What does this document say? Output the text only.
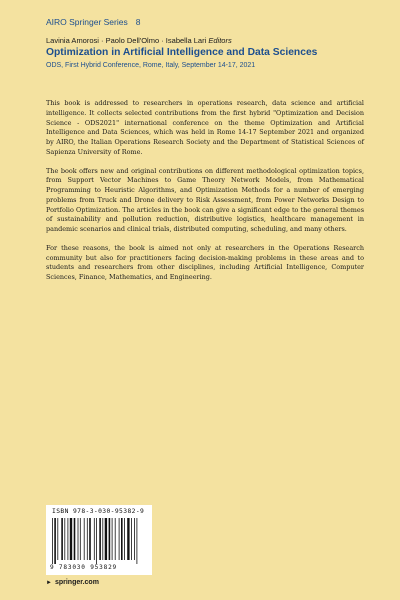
AIRO Springer Series 8
Lavinia Amorosi · Paolo Dell'Olmo · Isabella Lari Editors
Optimization in Artificial Intelligence and Data Sciences
ODS, First Hybrid Conference, Rome, Italy, September 14-17, 2021

This book is addressed to researchers in operations research, data science and artificial intelligence. It collects selected contributions from the first hybrid "Optimization and Decision Science - ODS2021" international conference on the theme Optimization and Artificial Intelligence and Data Sciences, which was held in Rome 14-17 September 2021 and organized by AIRO, the Italian Operations Research Society and the Department of Statistical Sciences of Sapienza University of Rome.

The book offers new and original contributions on different methodological optimization topics, from Support Vector Machines to Game Theory Network Models, from Mathematical Programming to Heuristic Algorithms, and Optimization Methods for a number of emerging problems from Truck and Drone delivery to Risk Assessment, from Power Networks Design to Portfolio Optimization. The articles in the book can give a significant edge to the general themes of sustainability and pollution reduction, distributive logistics, healthcare management in pandemic scenarios and clinical trials, distributed computing, scheduling, and many others.

For these reasons, the book is aimed not only at researchers in the Operations Research community but also for practitioners facing decision-making problems in these areas and to students and researchers from other disciplines, including Artificial Intelligence, Computer Sciences, Finance, Mathematics, and Engineering.

ISBN 978-3-030-95382-9
9 783030 953829
► springer.com
